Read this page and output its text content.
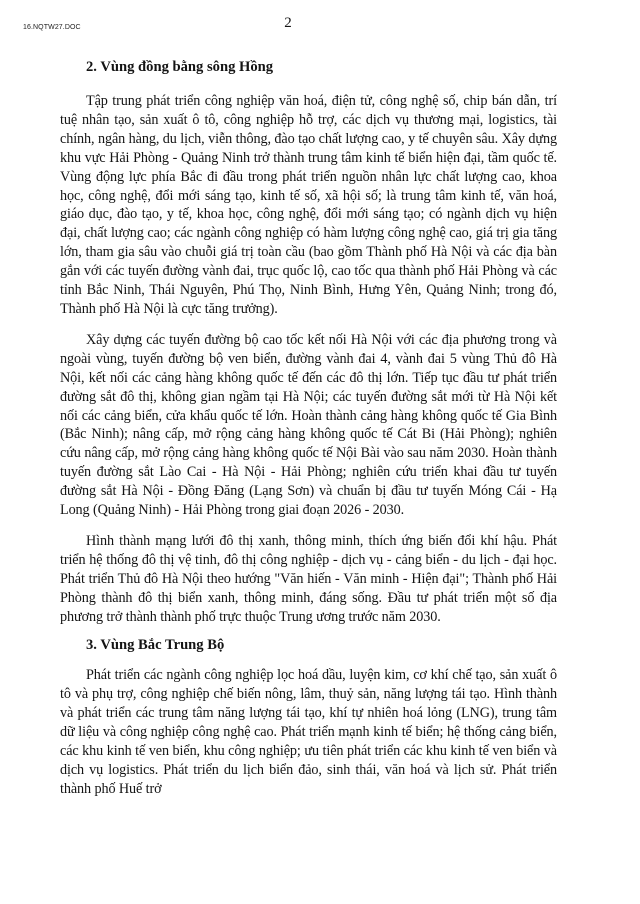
16.NQTW27.DOC	2
2. Vùng đồng bằng sông Hồng

Tập trung phát triển công nghiệp văn hoá, điện tử, công nghệ số, chip bán dẫn, trí tuệ nhân tạo, sản xuất ô tô, công nghiệp hỗ trợ, các dịch vụ thương mại, logistics, tài chính, ngân hàng, du lịch, viễn thông, đào tạo chất lượng cao, y tế chuyên sâu. Xây dựng khu vực Hải Phòng - Quảng Ninh trở thành trung tâm kinh tế biển hiện đại, tầm quốc tế. Vùng động lực phía Bắc đi đầu trong phát triển nguồn nhân lực chất lượng cao, khoa học, công nghệ, đổi mới sáng tạo, kinh tế số, xã hội số; là trung tâm kinh tế, văn hoá, giáo dục, đào tạo, y tế, khoa học, công nghệ, đổi mới sáng tạo; có ngành dịch vụ hiện đại, chất lượng cao; các ngành công nghiệp có hàm lượng công nghệ cao, giá trị gia tăng lớn, tham gia sâu vào chuỗi giá trị toàn cầu (bao gồm Thành phố Hà Nội và các địa bàn gắn với các tuyến đường vành đai, trục quốc lộ, cao tốc qua thành phố Hải Phòng và các tỉnh Bắc Ninh, Thái Nguyên, Phú Thọ, Ninh Bình, Hưng Yên, Quảng Ninh; trong đó, Thành phố Hà Nội là cực tăng trưởng).

Xây dựng các tuyến đường bộ cao tốc kết nối Hà Nội với các địa phương trong và ngoài vùng, tuyến đường bộ ven biển, đường vành đai 4, vành đai 5 vùng Thủ đô Hà Nội, kết nối các cảng hàng không quốc tế đến các đô thị lớn. Tiếp tục đầu tư phát triển đường sắt đô thị, không gian ngầm tại Hà Nội; các tuyến đường sắt mới từ Hà Nội kết nối các cảng biển, cửa khẩu quốc tế lớn. Hoàn thành cảng hàng không quốc tế Gia Bình (Bắc Ninh); nâng cấp, mở rộng cảng hàng không quốc tế Cát Bi (Hải Phòng); nghiên cứu nâng cấp, mở rộng cảng hàng không quốc tế Nội Bài vào sau năm 2030. Hoàn thành tuyến đường sắt Lào Cai - Hà Nội - Hải Phòng; nghiên cứu triển khai đầu tư tuyến đường sắt Hà Nội - Đồng Đăng (Lạng Sơn) và chuẩn bị đầu tư tuyến Móng Cái - Hạ Long (Quảng Ninh) - Hải Phòng trong giai đoạn 2026 - 2030.

Hình thành mạng lưới đô thị xanh, thông minh, thích ứng biến đổi khí hậu. Phát triển hệ thống đô thị vệ tinh, đô thị công nghiệp - dịch vụ - cảng biển - du lịch - đại học. Phát triển Thủ đô Hà Nội theo hướng "Văn hiến - Văn minh - Hiện đại"; Thành phố Hải Phòng thành đô thị biển xanh, thông minh, đáng sống. Đầu tư phát triển một số địa phương trở thành thành phố trực thuộc Trung ương trước năm 2030.

3. Vùng Bắc Trung Bộ

Phát triển các ngành công nghiệp lọc hoá dầu, luyện kim, cơ khí chế tạo, sản xuất ô tô và phụ trợ, công nghiệp chế biến nông, lâm, thuỷ sản, năng lượng tái tạo. Hình thành và phát triển các trung tâm năng lượng tái tạo, khí tự nhiên hoá lỏng (LNG), trung tâm dữ liệu và công nghiệp công nghệ cao. Phát triển mạnh kinh tế biển; hệ thống cảng biển, các khu kinh tế ven biển, khu công nghiệp; ưu tiên phát triển các khu kinh tế ven biển và dịch vụ logistics. Phát triển du lịch biển đảo, sinh thái, văn hoá và lịch sử. Phát triển thành phố Huế trở
